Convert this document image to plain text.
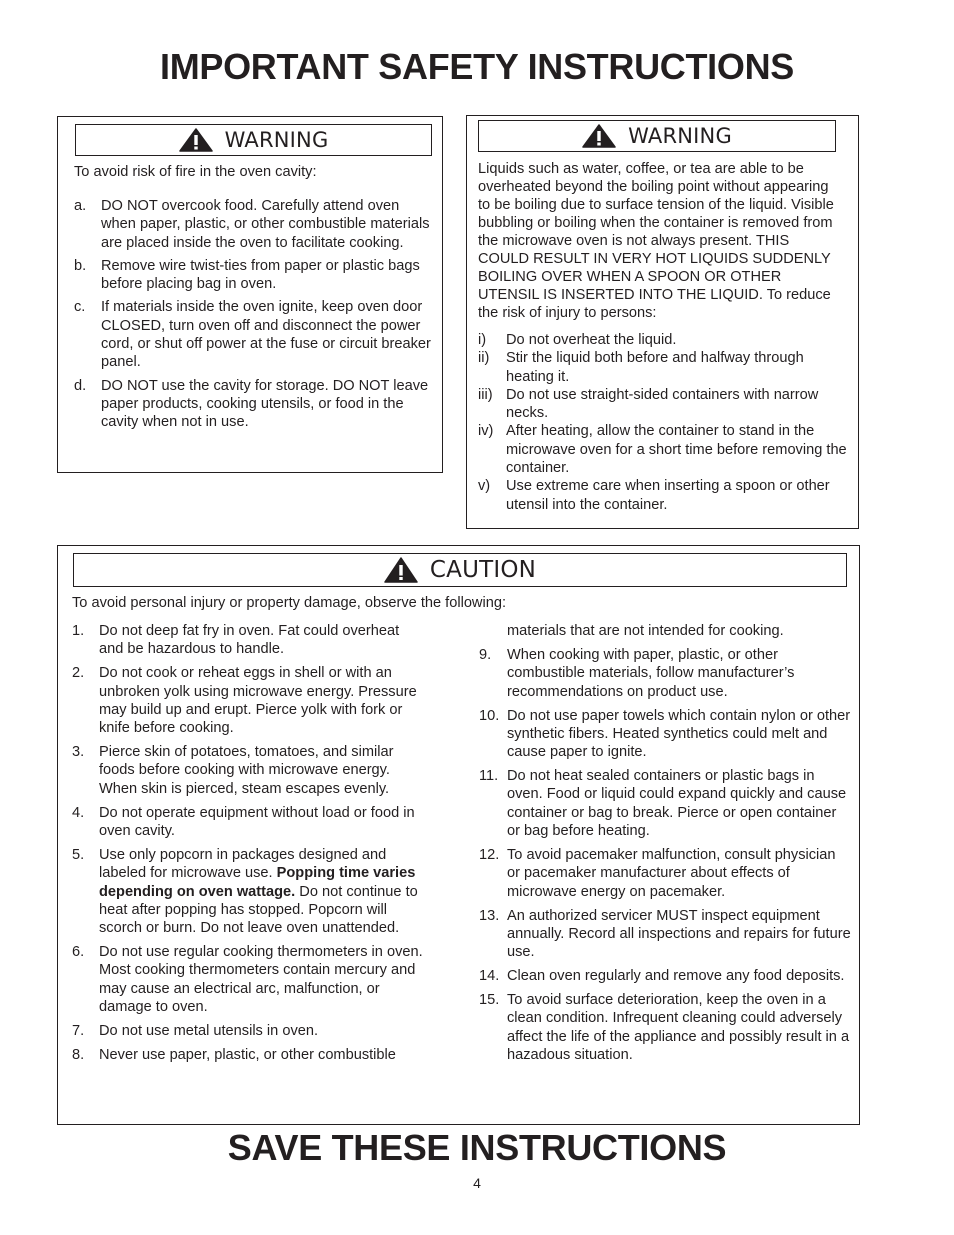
IMPORTANT SAFETY INSTRUCTIONS
WARNING

To avoid risk of fire in the oven cavity:

a. DO NOT overcook food. Carefully attend oven when paper, plastic, or other combustible materials are placed inside the oven to facilitate cooking.
b. Remove wire twist-ties from paper or plastic bags before placing bag in oven.
c. If materials inside the oven ignite, keep oven door CLOSED, turn oven off and disconnect the power cord, or shut off power at the fuse or circuit breaker panel.
d. DO NOT use the cavity for storage. DO NOT leave paper products, cooking utensils, or food in the cavity when not in use.
WARNING

Liquids such as water, coffee, or tea are able to be overheated beyond the boiling point without appearing to be boiling due to surface tension of the liquid. Visible bubbling or boiling when the container is removed from the microwave oven is not always present. THIS COULD RESULT IN VERY HOT LIQUIDS SUDDENLY BOILING OVER WHEN A SPOON OR OTHER UTENSIL IS INSERTED INTO THE LIQUID. To reduce the risk of injury to persons:

i) Do not overheat the liquid.
ii) Stir the liquid both before and halfway through heating it.
iii) Do not use straight-sided containers with narrow necks.
iv) After heating, allow the container to stand in the microwave oven for a short time before removing the container.
v) Use extreme care when inserting a spoon or other utensil into the container.
CAUTION

To avoid personal injury or property damage, observe the following:

1. Do not deep fat fry in oven. Fat could overheat and be hazardous to handle.
2. Do not cook or reheat eggs in shell or with an unbroken yolk using microwave energy. Pressure may build up and erupt. Pierce yolk with fork or knife before cooking.
3. Pierce skin of potatoes, tomatoes, and similar foods before cooking with microwave energy. When skin is pierced, steam escapes evenly.
4. Do not operate equipment without load or food in oven cavity.
5. Use only popcorn in packages designed and labeled for microwave use. Popping time varies depending on oven wattage. Do not continue to heat after popping has stopped. Popcorn will scorch or burn. Do not leave oven unattended.
6. Do not use regular cooking thermometers in oven. Most cooking thermometers contain mercury and may cause an electrical arc, malfunction, or damage to oven.
7. Do not use metal utensils in oven.
8. Never use paper, plastic, or other combustible
materials that are not intended for cooking.
9. When cooking with paper, plastic, or other combustible materials, follow manufacturer’s recommendations on product use.
10. Do not use paper towels which contain nylon or other synthetic fibers. Heated synthetics could melt and cause paper to ignite.
11. Do not heat sealed containers or plastic bags in oven. Food or liquid could expand quickly and cause container or bag to break. Pierce or open container or bag before heating.
12. To avoid pacemaker malfunction, consult physician or pacemaker manufacturer about effects of microwave energy on pacemaker.
13. An authorized servicer MUST inspect equipment annually. Record all inspections and repairs for future use.
14. Clean oven regularly and remove any food deposits.
15. To avoid surface deterioration, keep the oven in a clean condition. Infrequent cleaning could adversely affect the life of the appliance and possibly result in a hazadous situation.
SAVE THESE INSTRUCTIONS
4
